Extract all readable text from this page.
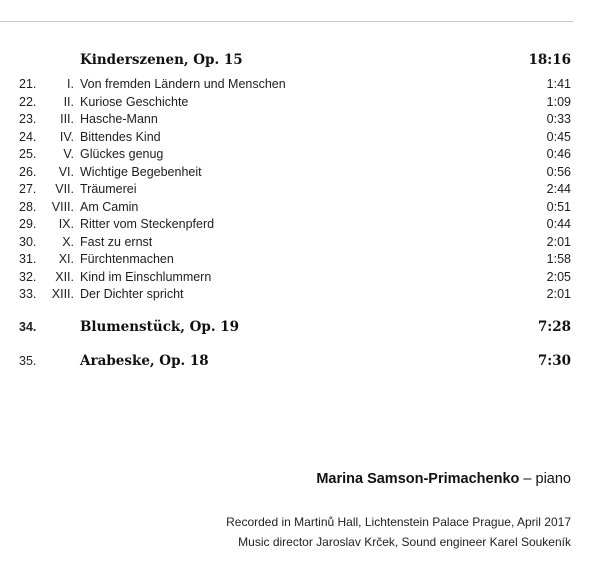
Kinderszenen, Op. 15	18:16
21. I. Von fremden Ländern und Menschen	1:41
22. II. Kuriose Geschichte	1:09
23. III. Hasche-Mann	0:33
24. IV. Bittendes Kind	0:45
25. V. Glückes genug	0:46
26. VI. Wichtige Begebenheit	0:56
27. VII. Träumerei	2:44
28. VIII. Am Camin	0:51
29. IX. Ritter vom Steckenpferd	0:44
30. X. Fast zu ernst	2:01
31. XI. Fürchtenmachen	1:58
32. XII. Kind im Einschlummern	2:05
33. XIII. Der Dichter spricht	2:01
34.	Blumenstück, Op. 19	7:28
35.	Arabeske, Op. 18	7:30
Marina Samson-Primachenko – piano
Recorded in Martinů Hall, Lichtenstein Palace Prague, April 2017
Music director Jaroslav Krček, Sound engineer Karel Soukeník
